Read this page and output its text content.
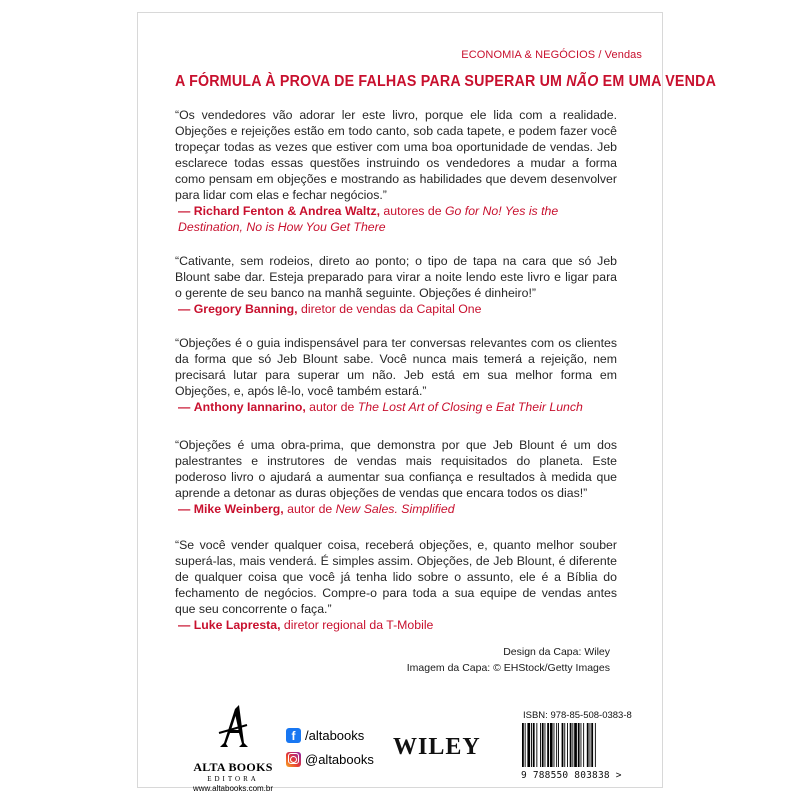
ECONOMIA & NEGÓCIOS / Vendas
A FÓRMULA À PROVA DE FALHAS PARA SUPERAR UM NÃO EM UMA VENDA
“Os vendedores vão adorar ler este livro, porque ele lida com a realidade. Objeções e rejeições estão em todo canto, sob cada tapete, e podem fazer você tropeçar todas as vezes que estiver com uma boa oportunidade de vendas. Jeb esclarece todas essas questões instruindo os vendedores a mudar a forma como pensam em objeções e mostrando as habilidades que devem desenvolver para lidar com elas e fechar negócios.”
— Richard Fenton & Andrea Waltz, autores de Go for No! Yes is the Destination, No is How You Get There
“Cativante, sem rodeios, direto ao ponto; o tipo de tapa na cara que só Jeb Blount sabe dar. Esteja preparado para virar a noite lendo este livro e ligar para o gerente de seu banco na manhã seguinte. Objeções é dinheiro!”
— Gregory Banning, diretor de vendas da Capital One
“Objeções é o guia indispensável para ter conversas relevantes com os clientes da forma que só Jeb Blount sabe. Você nunca mais temerá a rejeição, nem precisará lutar para superar um não. Jeb está em sua melhor forma em Objeções, e, após lê-lo, você também estará.”
— Anthony Iannarino, autor de The Lost Art of Closing e Eat Their Lunch
“Objeções é uma obra-prima, que demonstra por que Jeb Blount é um dos palestrantes e instrutores de vendas mais requisitados do planeta. Este poderoso livro o ajudará a aumentar sua confiança e resultados à medida que aprende a detonar as duras objeções de vendas que encara todos os dias!”
— Mike Weinberg, autor de New Sales. Simplified
“Se você vender qualquer coisa, receberá objeções, e, quanto melhor souber superá-las, mais venderá. É simples assim. Objeções, de Jeb Blount, é diferente de qualquer coisa que você já tenha lido sobre o assunto, ele é a Bíblia do fechamento de negócios. Compre-o para toda a sua equipe de vendas antes que seu concorrente o faça.”
— Luke Lapresta, diretor regional da T-Mobile
Design da Capa: Wiley
Imagem da Capa: © EHStock/Getty Images
ALTA BOOKS
EDITORA
www.altabooks.com.br
f /altabooks
@altabooks WILEY
ISBN: 978-85-508-0383-8
9 788550 803838 >
